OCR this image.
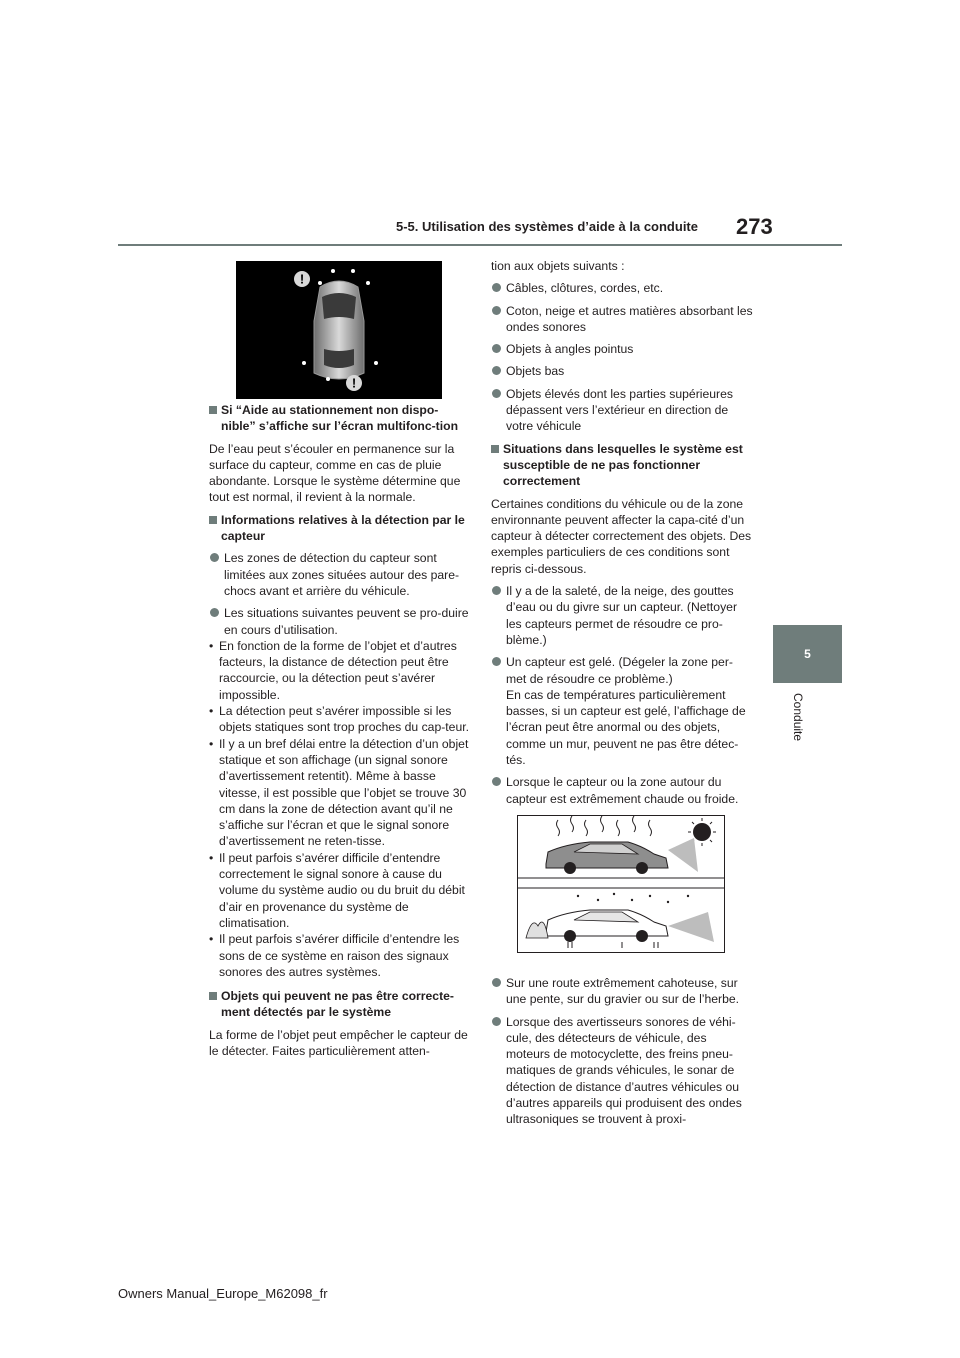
5-5. Utilisation des systèmes d’aide à la conduite 273
5
Conduite
!
!
Si “Aide au stationnement non dispo-nible” s’affiche sur l’écran multifonc-tion
De l’eau peut s’écouler en permanence sur la surface du capteur, comme en cas de pluie abondante. Lorsque le système détermine que tout est normal, il revient à la normale.
Informations relatives à la détection par le capteur
Les zones de détection du capteur sont limitées aux zones situées autour des pare-chocs avant et arrière du véhicule.
Les situations suivantes peuvent se pro-duire en cours d’utilisation.
• En fonction de la forme de l’objet et d’autres facteurs, la distance de détection peut être raccourcie, ou la détection peut s’avérer impossible.
• La détection peut s’avérer impossible si les objets statiques sont trop proches du cap-teur.
• Il y a un bref délai entre la détection d’un objet statique et son affichage (un signal sonore d’avertissement retentit). Même à basse vitesse, il est possible que l’objet se trouve 30 cm dans la zone de détection avant qu’il ne s’affiche sur l’écran et que le signal sonore d’avertissement ne reten-tisse.
• Il peut parfois s’avérer difficile d’entendre correctement le signal sonore à cause du volume du système audio ou du bruit du débit d’air en provenance du système de climatisation.
• Il peut parfois s’avérer difficile d’entendre les sons de ce système en raison des signaux sonores des autres systèmes.
Objets qui peuvent ne pas être correcte-ment détectés par le système
La forme de l’objet peut empêcher le capteur de le détecter. Faites particulièrement atten-
tion aux objets suivants :
Câbles, clôtures, cordes, etc.
Coton, neige et autres matières absorbant les ondes sonores
Objets à angles pointus
Objets bas
Objets élevés dont les parties supérieures dépassent vers l’extérieur en direction de votre véhicule
Situations dans lesquelles le système est susceptible de ne pas fonctionner correctement
Certaines conditions du véhicule ou de la zone environnante peuvent affecter la capa-cité d’un capteur à détecter correctement des objets. Des exemples particuliers de ces conditions sont repris ci-dessous.
Il y a de la saleté, de la neige, des gouttes d’eau ou du givre sur un capteur. (Nettoyer les capteurs permet de résoudre ce pro-blème.)
Un capteur est gelé. (Dégeler la zone per-met de résoudre ce problème.)
En cas de températures particulièrement basses, si un capteur est gelé, l’affichage de l’écran peut être anormal ou des objets, comme un mur, peuvent ne pas être détec-tés.
Lorsque le capteur ou la zone autour du capteur est extrêmement chaude ou froide.
Sur une route extrêmement cahoteuse, sur une pente, sur du gravier ou sur de l’herbe.
Lorsque des avertisseurs sonores de véhi-cule, des détecteurs de véhicule, des moteurs de motocyclette, des freins pneu-matiques de grands véhicules, le sonar de détection de distance d’autres véhicules ou d’autres appareils qui produisent des ondes ultrasoniques se trouvent à proxi-
Owners Manual_Europe_M62098_fr
